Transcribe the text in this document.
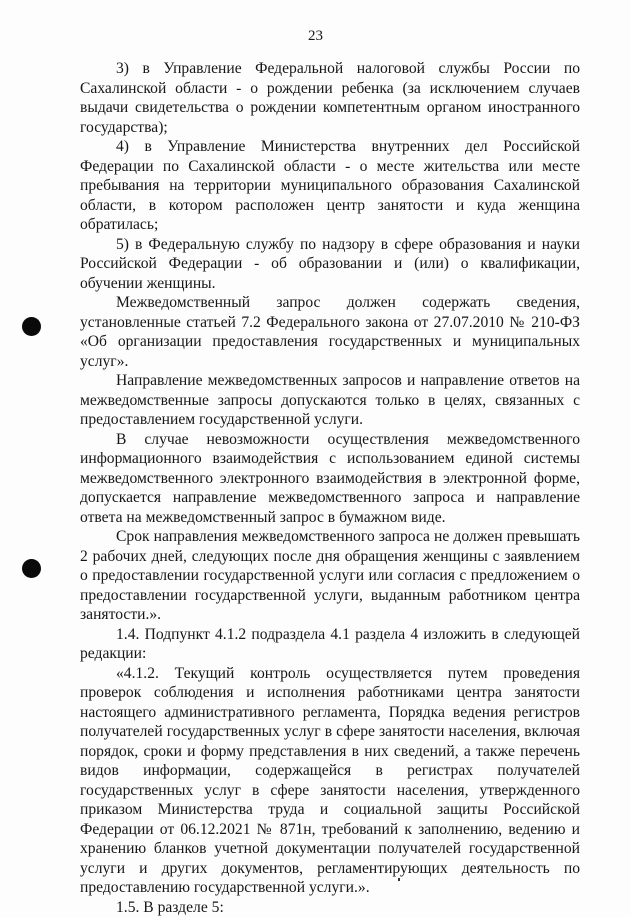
23

3) в Управление Федеральной налоговой службы России по Сахалинской области - о рождении ребенка (за исключением случаев выдачи свидетельства о рождении компетентным органом иностранного государства);

4) в Управление Министерства внутренних дел Российской Федерации по Сахалинской области - о месте жительства или месте пребывания на территории муниципального образования Сахалинской области, в котором расположен центр занятости и куда женщина обратилась;

5) в Федеральную службу по надзору в сфере образования и науки Российской Федерации - об образовании и (или) о квалификации, обучении женщины.

Межведомственный запрос должен содержать сведения, установленные статьей 7.2 Федерального закона от 27.07.2010 № 210-ФЗ «Об организации предоставления государственных и муниципальных услуг».

Направление межведомственных запросов и направление ответов на межведомственные запросы допускаются только в целях, связанных с предоставлением государственной услуги.

В случае невозможности осуществления межведомственного информационного взаимодействия с использованием единой системы межведомственного электронного взаимодействия в электронной форме, допускается направление межведомственного запроса и направление ответа на межведомственный запрос в бумажном виде.

Срок направления межведомственного запроса не должен превышать 2 рабочих дней, следующих после дня обращения женщины с заявлением о предоставлении государственной услуги или согласия с предложением о предоставлении государственной услуги, выданным работником центра занятости.».

1.4. Подпункт 4.1.2 подраздела 4.1 раздела 4 изложить в следующей редакции:

«4.1.2. Текущий контроль осуществляется путем проведения проверок соблюдения и исполнения работниками центра занятости настоящего административного регламента, Порядка ведения регистров получателей государственных услуг в сфере занятости населения, включая порядок, сроки и форму представления в них сведений, а также перечень видов информации, содержащейся в регистрах получателей государственных услуг в сфере занятости населения, утвержденного приказом Министерства труда и социальной защиты Российской Федерации от 06.12.2021 № 871н, требований к заполнению, ведению и хранению бланков учетной документации получателей государственной услуги и других документов, регламентирующих деятельность по предоставлению государственной услуги.».

1.5. В разделе 5:
